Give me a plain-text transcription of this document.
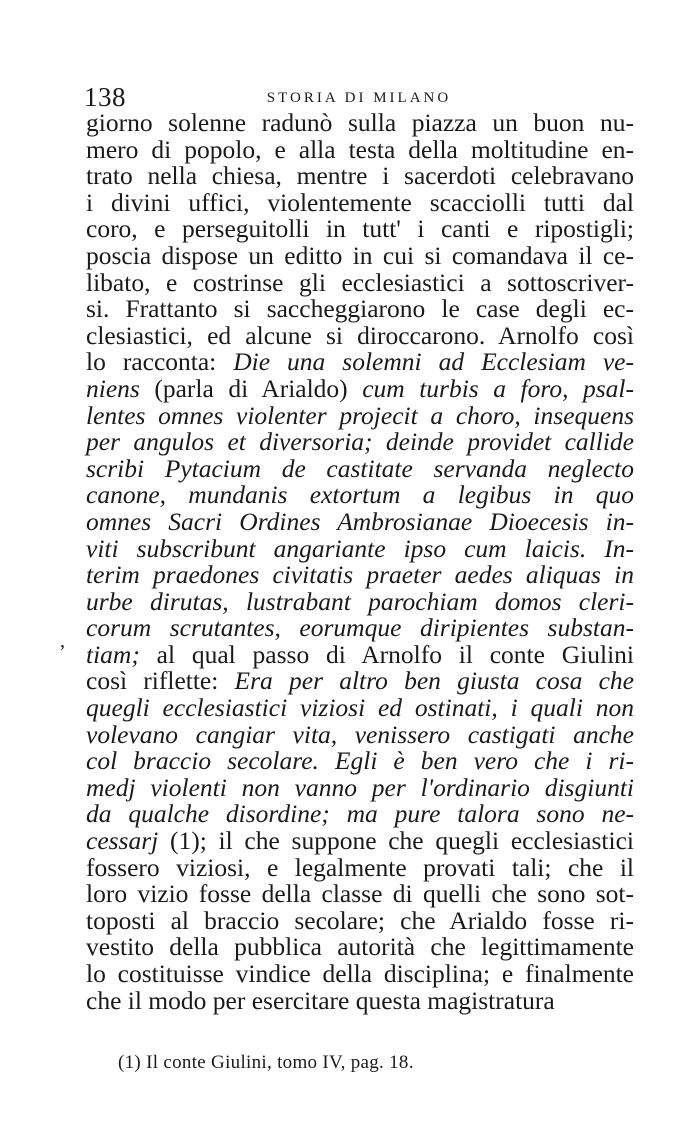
138	STORIA DI MILANO
giorno solenne radunò sulla piazza un buon nu-
mero di popolo, e alla testa della moltitudine en-
trato nella chiesa, mentre i sacerdoti celebravano
i divini uffici, violentemente scacciolli tutti dal
coro, e perseguitolli in tutt' i canti e ripostigli;
poscia dispose un editto in cui si comandava il ce-
libato, e costrinse gli ecclesiastici a sottoscriver-
si. Frattanto si saccheggiarono le case degli ec-
clesiastici, ed alcune si diroccarono. Arnolfo così
lo racconta: Die una solemni ad Ecclesiam ve-
niens (parla di Arialdo) cum turbis a foro, psal-
lentes omnes violenter projecit a choro, insequens
per angulos et diversoria; deinde providet callide
scribi Pytacium de castitate servanda neglecto
canone, mundanis extortum a legibus in quo
omnes Sacri Ordines Ambrosianae Dioecesis in-
viti subscribunt angariante ipso cum laicis. In-
terim praedones civitatis praeter aedes aliquas in
urbe dirutas, lustrabant parochiam domos cleri-
corum scrutantes, eorumque diripientes substan-
tiam; al qual passo di Arnolfo il conte Giulini
così riflette: Era per altro ben giusta cosa che
quegli ecclesiastici viziosi ed ostinati, i quali non
volevano cangiar vita, venissero castigati anche
col braccio secolare. Egli è ben vero che i ri-
medj violenti non vanno per l'ordinario disgiunti
da qualche disordine; ma pure talora sono ne-
cessarj (1); il che suppone che quegli ecclesiastici
fossero viziosi, e legalmente provati tali; che il
loro vizio fosse della classe di quelli che sono sot-
toposti al braccio secolare; che Arialdo fosse ri-
vestito della pubblica autorità che legittimamente
lo costituisse vindice della disciplina; e finalmente
che il modo per esercitare questa magistratura
,
(1) Il conte Giulini, tomo IV, pag. 18.
